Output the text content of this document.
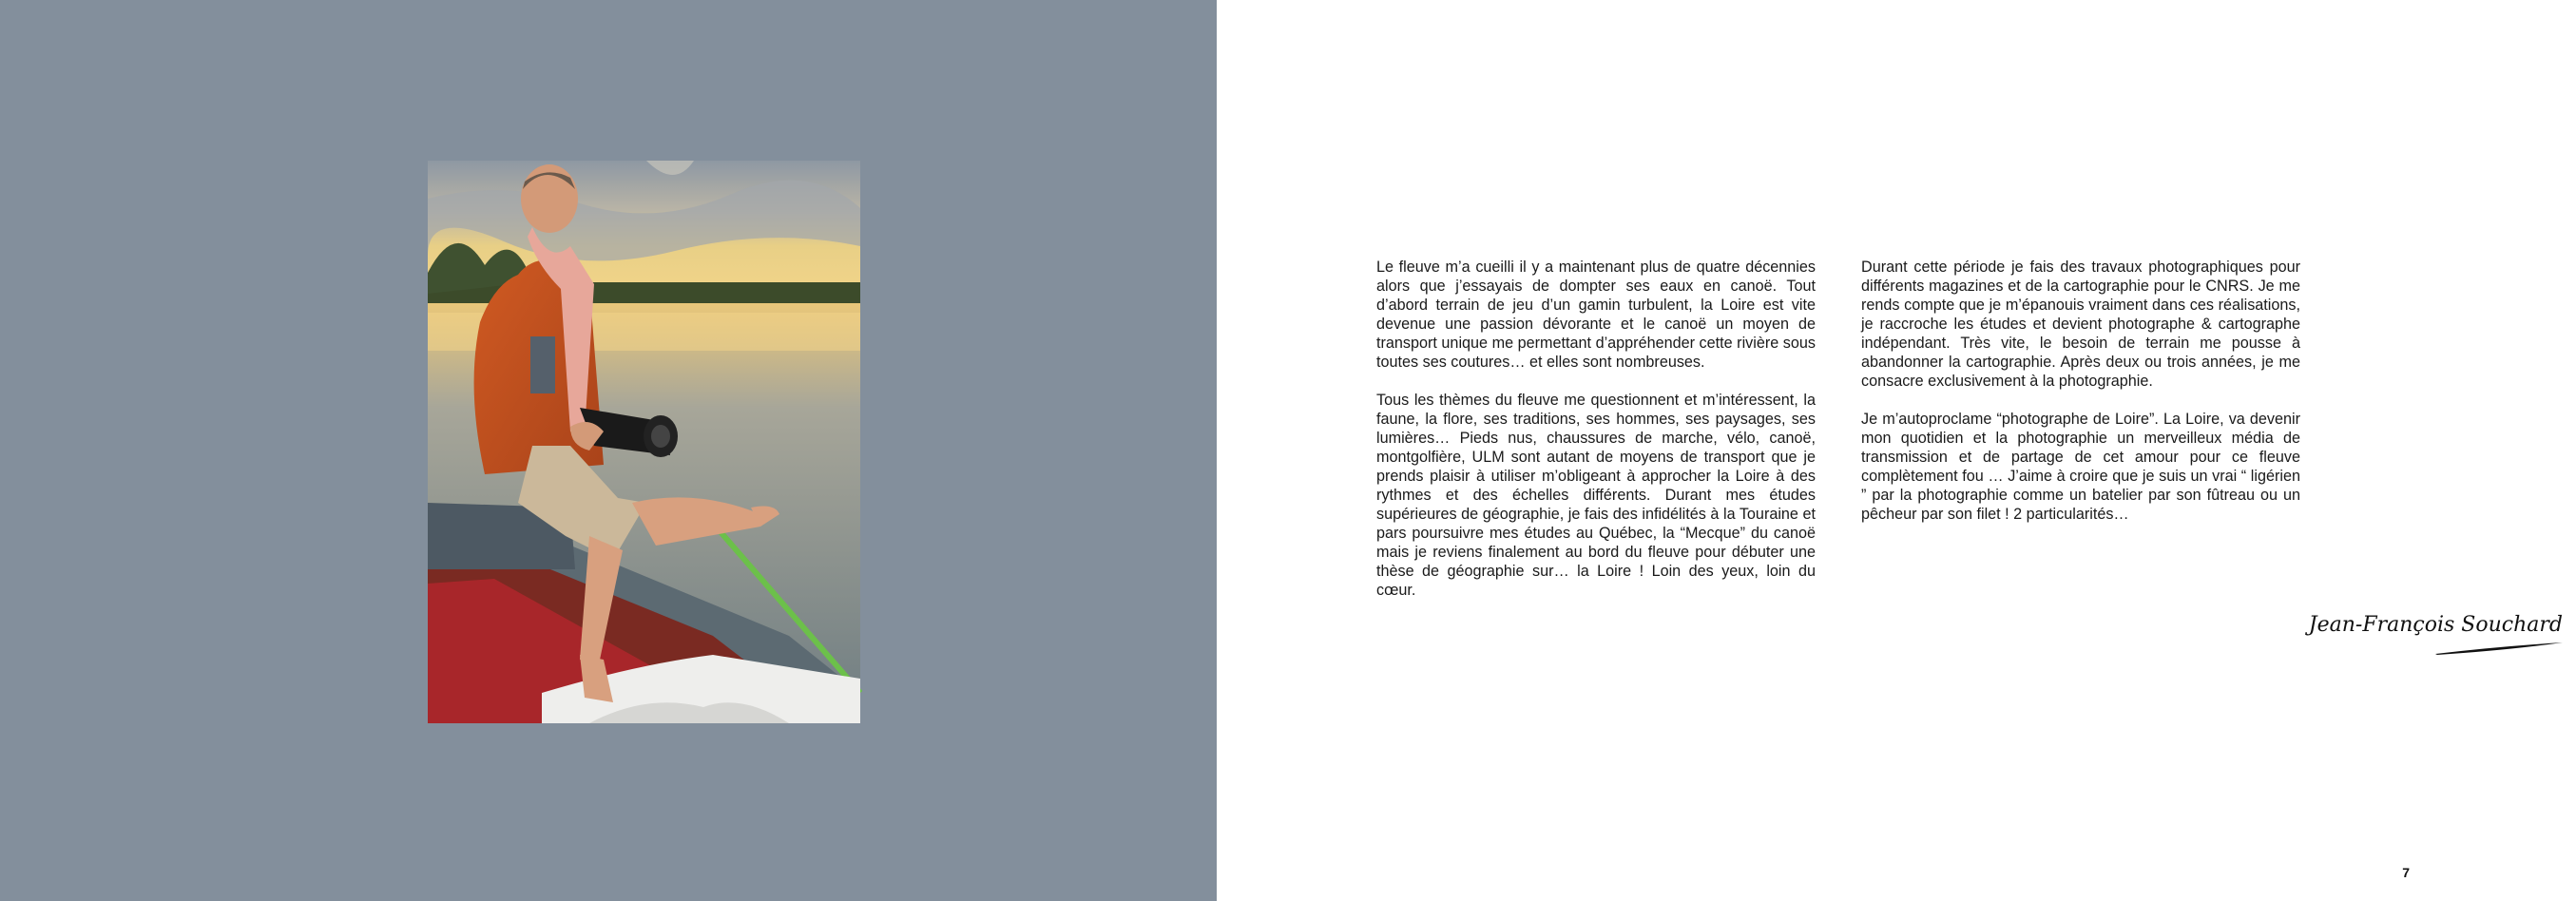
Le fleuve m’a cueilli il y a maintenant plus de quatre décennies alors que j’essayais de dompter ses eaux en canoë. Tout d’abord terrain de jeu d’un gamin turbulent, la Loire est vite devenue une passion dévorante et le canoë un moyen de transport unique me permettant d’appréhender cette rivière sous toutes ses coutures… et elles sont nombreuses.

Tous les thèmes du fleuve me questionnent et m’intéressent, la faune, la flore, ses traditions, ses hommes, ses paysages, ses lumières… Pieds nus, chaussures de marche, vélo, canoë, montgolfière, ULM sont autant de moyens de transport que je prends plaisir à utiliser m’obligeant à approcher la Loire à des rythmes et des échelles différents. Durant mes études supérieures de géographie, je fais des infidélités à la Touraine et pars poursuivre mes études au Québec, la “Mecque” du canoë mais je reviens finalement au bord du fleuve pour débuter une thèse de géographie sur… la Loire ! Loin des yeux, loin du cœur.

Durant cette période je fais des travaux photographiques pour différents magazines et de la cartographie pour le CNRS. Je me rends compte que je m’épanouis vraiment dans ces réalisations, je raccroche les études et devient photographe & cartographe indépendant. Très vite, le besoin de terrain me pousse à abandonner la cartographie. Après deux ou trois années, je me consacre exclusivement à la photographie.

Je m’autoproclame “photographe de Loire”. La Loire, va devenir mon quotidien et la photographie un merveilleux média de transmission et de partage de cet amour pour ce fleuve complètement fou … J’aime à croire que je suis un vrai “ ligérien ” par la photographie comme un batelier par son fûtreau ou un pêcheur par son filet ! 2 particularités…

Jean-François Souchard
7
